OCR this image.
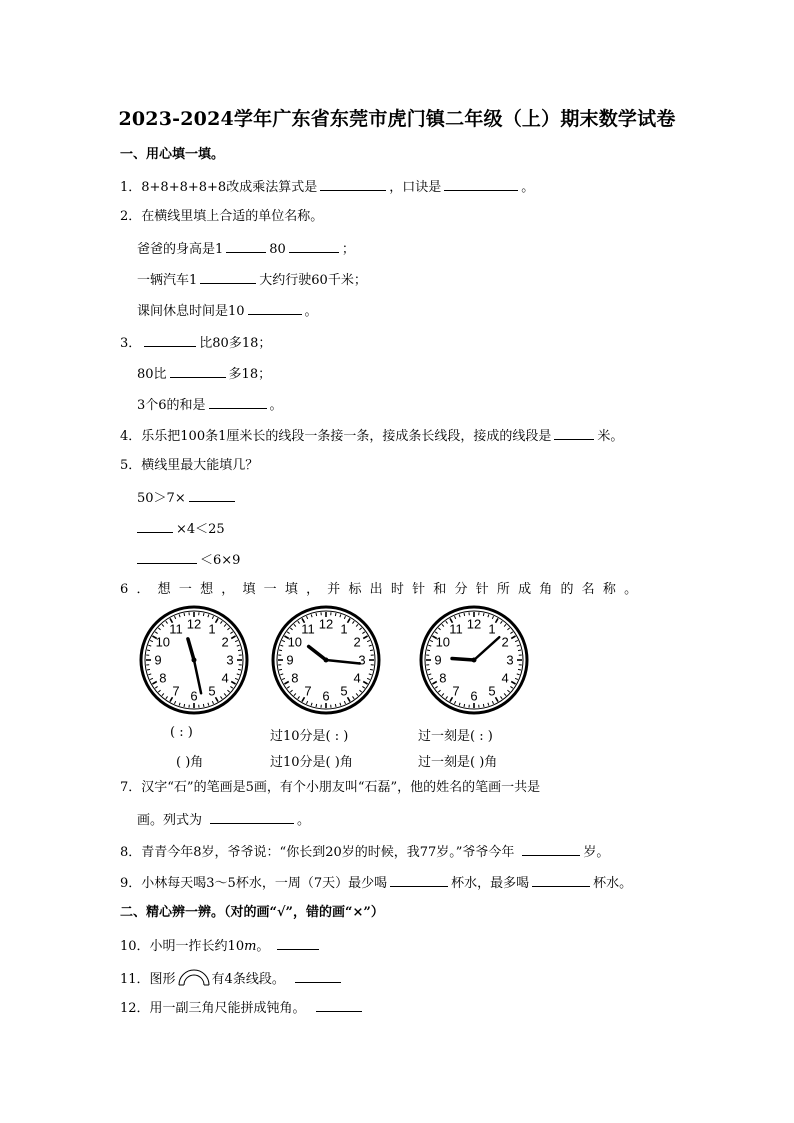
2023-2024学年广东省东莞市虎门镇二年级（上）期末数学试卷
一、用心填一填。
1．8+8+8+8+8改成乘法算式是	，口诀是	。
2．在横线里填上合适的单位名称。
爸爸的身高是1	80	；
一辆汽车1	大约行驶60千米；
课间休息时间是10	。
3．	比80多18；
80比	多18；
3个6的和是	。
4．乐乐把100条1厘米长的线段一条接一条，接成条长线段，接成的线段是	米。
5．横线里最大能填几？
50＞7×
×4＜25
＜6×9
6．想一想，填一填，并标出时针和分针所成角的名称。
12 1
2
3
4
5
6
7
8
9
10
11	12 1
2
3
4
5
6
7
8
9
10
11	12 1
2
3
4
5
6
7
8
9
10
11
( : )
( )角
过10分是( : )
过10分是( )角
过一刻是( : )
过一刻是( )角
7．汉字“石”的笔画是5画，有个小朋友叫“石磊”，他的姓名的笔画一共是
画。列式为	。
8．青青今年8岁，爷爷说：“你长到20岁的时候，我77岁。”爷爷今年	岁。
9．小林每天喝3～5杯水，一周（7天）最少喝	杯水，最多喝	杯水。
二、精心辨一辨。（对的画“√”，错的画“×”）
10．小明一拃长约10m。
11．图形	有4条线段。
12．用一副三角尺能拼成钝角。
